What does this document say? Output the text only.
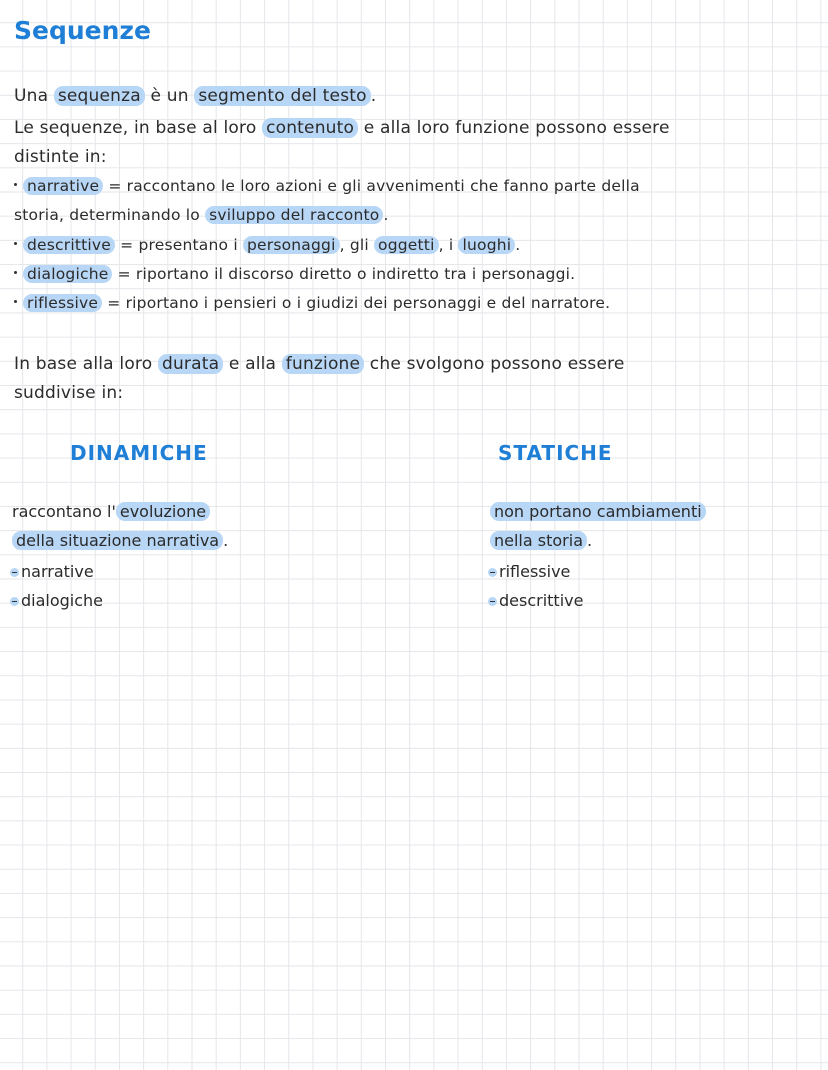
Sequenze
Una sequenza è un segmento del testo .
Le sequenze, in base al loro contenuto e alla loro funzione possono essere
distinte in:
narrative = raccontano le loro azioni e gli avvenimenti che fanno parte della
storia, determinando lo sviluppo del racconto .
descrittive = presentano i personaggi , gli oggetti , i luoghi .
dialogiche = riportano il discorso diretto o indiretto tra i personaggi.
riflessive = riportano i pensieri o i giudizi dei personaggi e del narratore.
In base alla loro durata e alla funzione che svolgono possono essere
suddivise in:
DINAMICHE	STATICHE
raccontano l' evoluzione
della situazione narrativa .
narrative
dialogiche
non portano cambiamenti
nella storia .
riflessive
descrittive
